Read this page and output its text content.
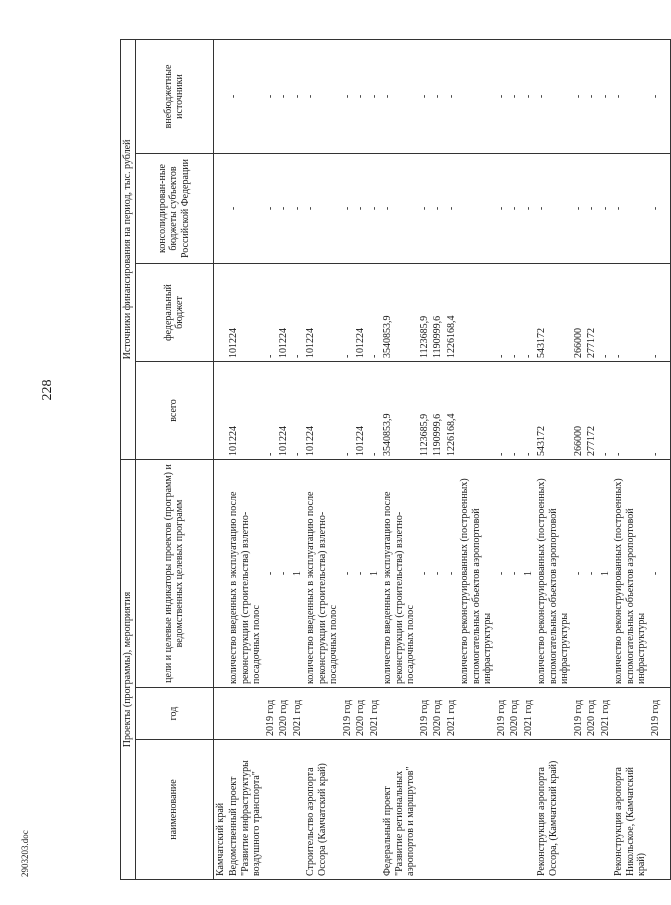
228
2903203.doc
Проекты (программы), мероприятия			Источники финансирования на период, тыс. рублей			
наименование	год	цели и целевые индикаторы проектов (программ) и ведомственных целевых программ	всего	федеральный бюджет	консолидирован-ные бюджеты субъектов Российской Федерации	внебюджетные источники
Камчатский край						
Ведомственный проект "Развитие инфраструктуры воздушного транспорта"		количество введенных в эксплуатацию после реконструкции (строительства) взлетно-посадочных полос	101224	101224	-	-
	2019 год	-	-	-	-	-
	2020 год	-	101224	101224	-	-
	2021 год	1	-	-	-	-
Строительство аэропорта Оссора (Камчатский край)		количество введенных в эксплуатацию после реконструкции (строительства) взлетно-посадочных полос	101224	101224	-	-
	2019 год	-	-	-	-	-
	2020 год	-	101224	101224	-	-
	2021 год	1	-	-	-	-
Федеральный проект "Развитие региональных аэропортов и маршрутов"		количество введенных в эксплуатацию после реконструкции (строительства) взлетно-посадочных полос	3540853,9	3540853,9	-	-
	2019 год	-	1123685,9	1123685,9	-	-
	2020 год	-	1190999,6	1190999,6	-	-
	2021 год	-	1226168,4	1226168,4	-	-
		количество реконструированных (построенных) вспомогательных объектов аэропортовой инфраструктуры				
	2019 год	-	-	-	-	-
	2020 год	-	-	-	-	-
	2021 год	1	-	-	-	-
Реконструкция аэропорта Оссора, (Камчатский край)		количество реконструированных (построенных) вспомогательных объектов аэропортовой инфраструктуры	543172	543172	-	-
	2019 год	-	266000	266000	-	-
	2020 год	-	277172	277172	-	-
	2021 год	1	-	-	-	-
Реконструкция аэропорта Никольское, (Камчатский край)		количество реконструированных (построенных) вспомогательных объектов аэропортовой инфраструктуры	-	-	-	-
	2019 год	-	-	-	-	-
